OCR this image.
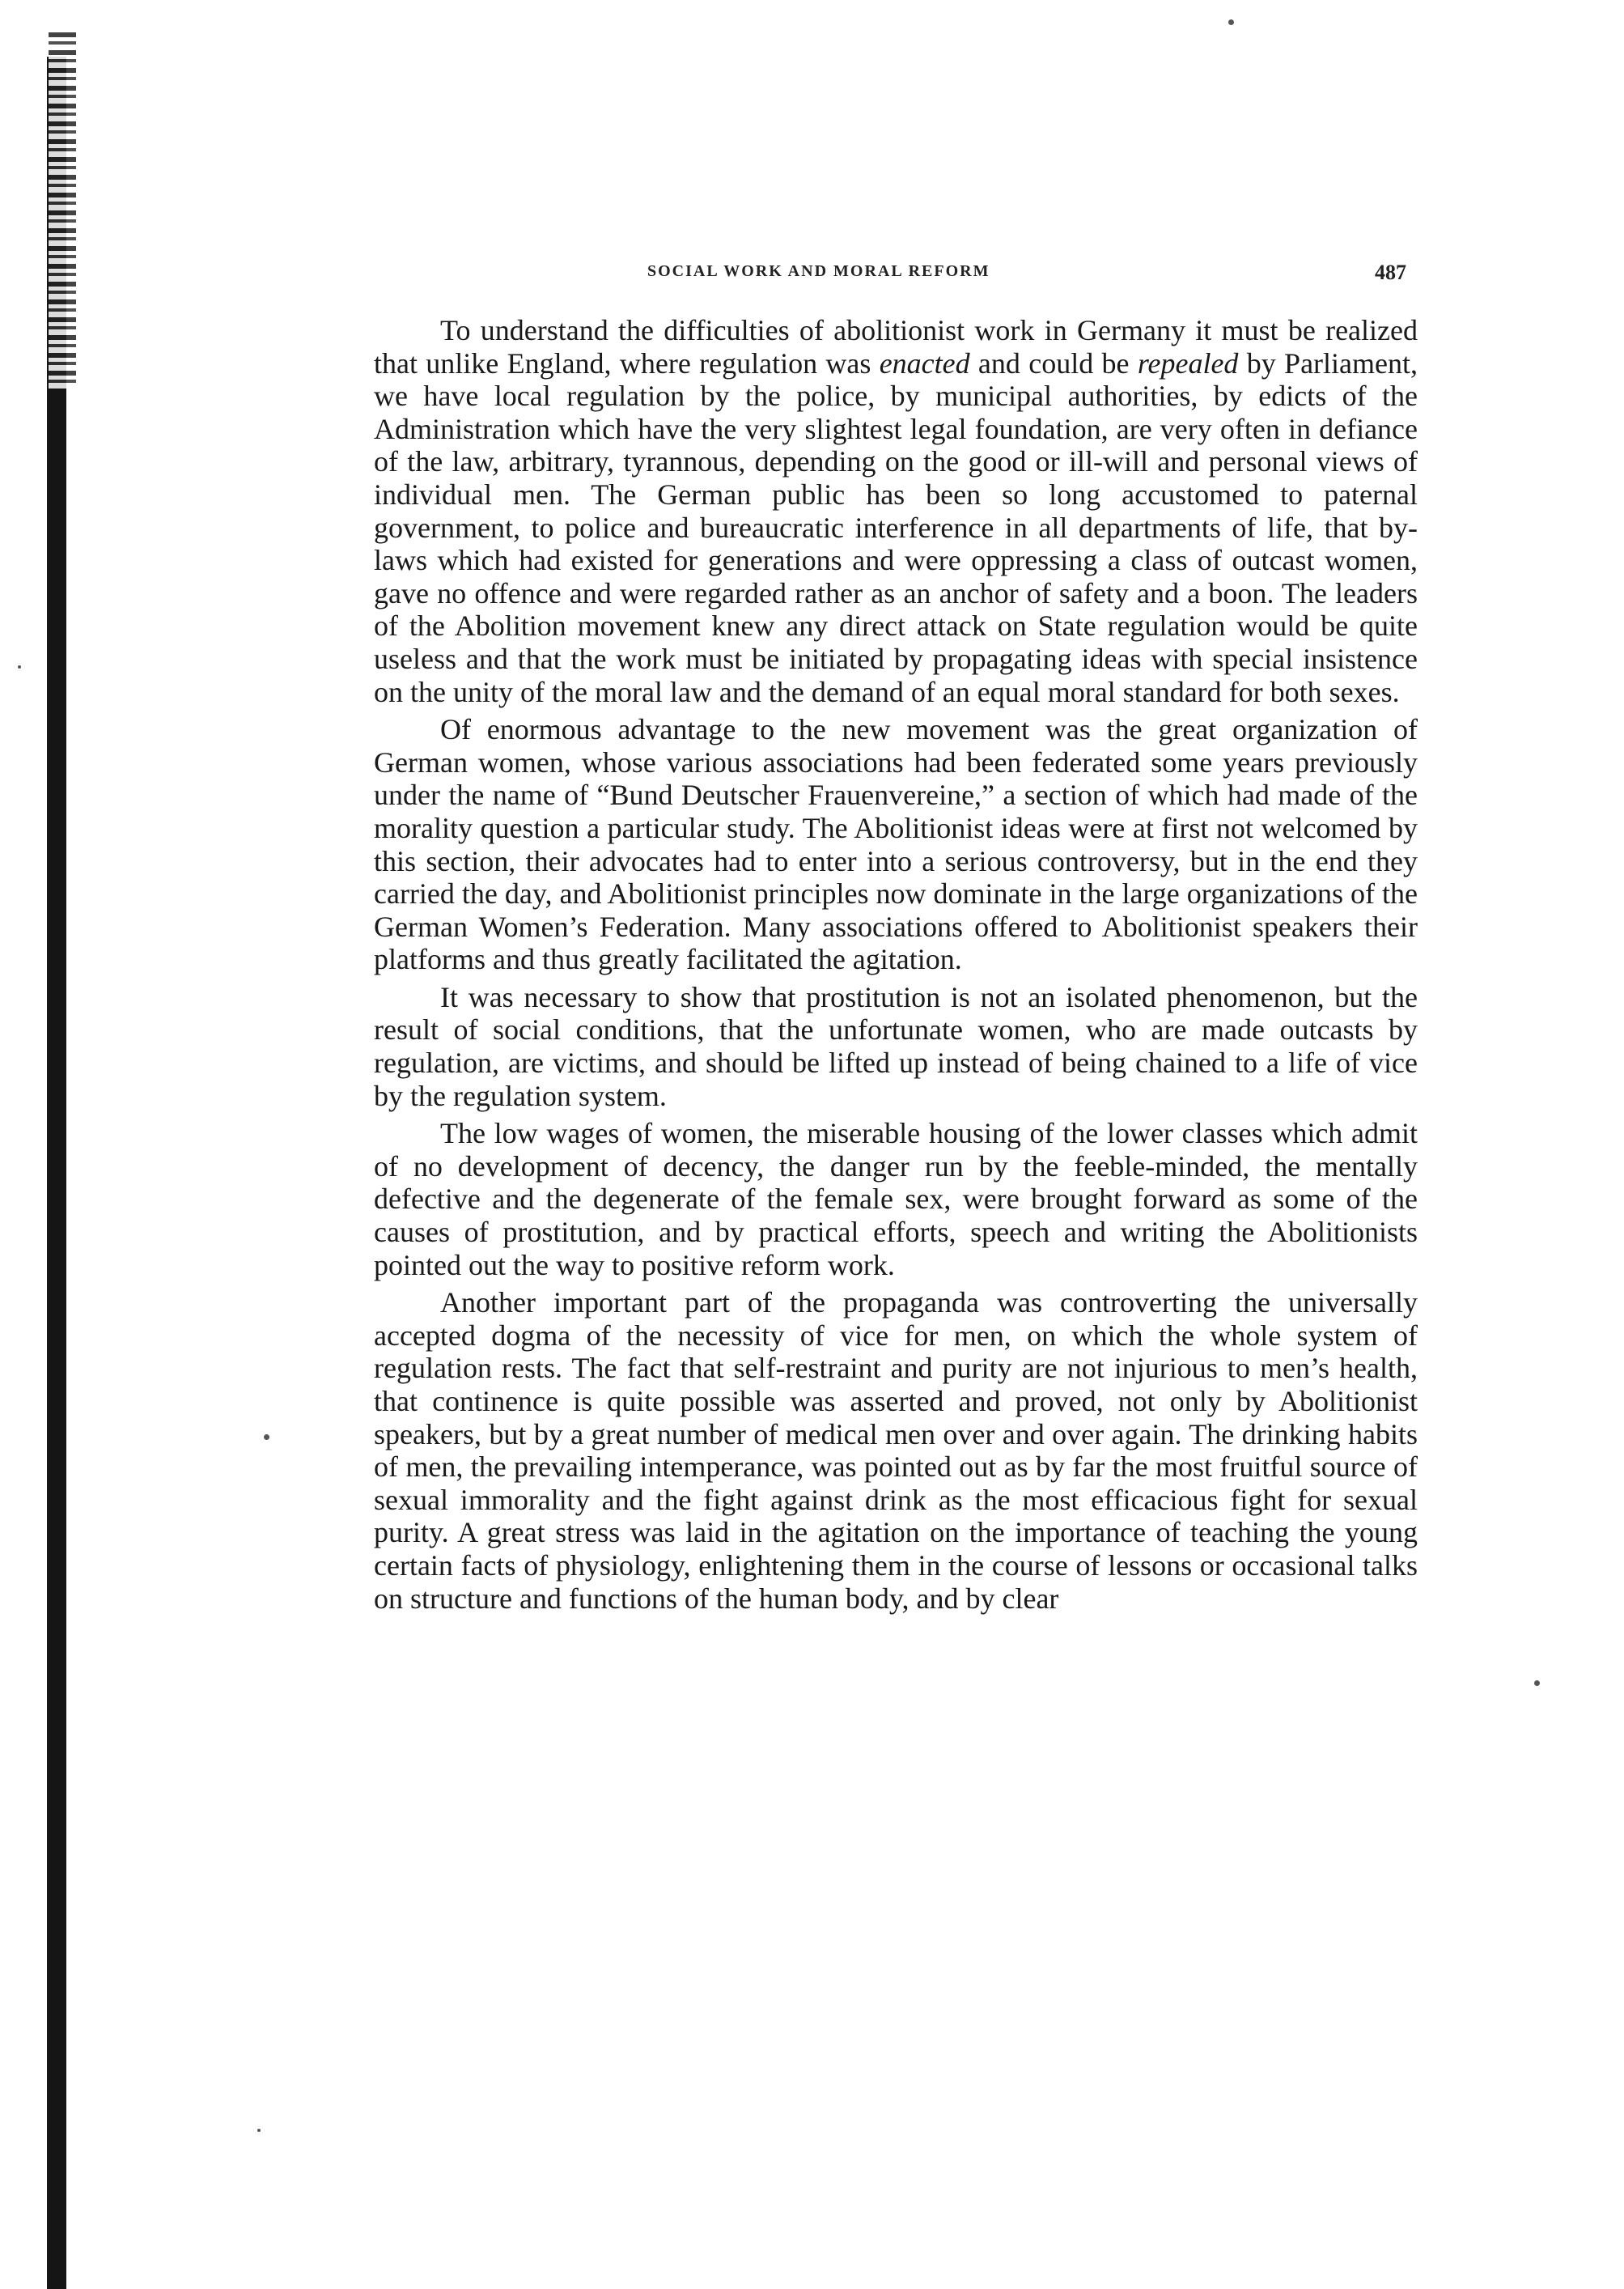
SOCIAL WORK AND MORAL REFORM	487

To understand the difficulties of abolitionist work in Germany it must be realized that unlike England, where regulation was enacted and could be repealed by Parliament, we have local regulation by the police, by municipal authorities, by edicts of the Administration which have the very slightest legal foundation, are very often in defiance of the law, arbitrary, tyrannous, depending on the good or ill-will and personal views of individual men. The German public has been so long accustomed to paternal government, to police and bureaucratic interference in all departments of life, that by-laws which had existed for generations and were oppressing a class of outcast women, gave no offence and were regarded rather as an anchor of safety and a boon. The leaders of the Abolition movement knew any direct attack on State regulation would be quite useless and that the work must be initiated by propagating ideas with special insistence on the unity of the moral law and the demand of an equal moral standard for both sexes.

Of enormous advantage to the new movement was the great organization of German women, whose various associations had been federated some years previously under the name of “Bund Deutscher Frauenvereine,” a section of which had made of the morality question a particular study. The Abolitionist ideas were at first not welcomed by this section, their advocates had to enter into a serious controversy, but in the end they carried the day, and Abolitionist principles now dominate in the large organizations of the German Women’s Federation. Many associations offered to Abolitionist speakers their platforms and thus greatly facilitated the agitation.

It was necessary to show that prostitution is not an isolated phenomenon, but the result of social conditions, that the unfortunate women, who are made outcasts by regulation, are victims, and should be lifted up instead of being chained to a life of vice by the regulation system.

The low wages of women, the miserable housing of the lower classes which admit of no development of decency, the danger run by the feeble-minded, the mentally defective and the degenerate of the female sex, were brought forward as some of the causes of prostitution, and by practical efforts, speech and writing the Abolitionists pointed out the way to positive reform work.

Another important part of the propaganda was controverting the universally accepted dogma of the necessity of vice for men, on which the whole system of regulation rests. The fact that self-restraint and purity are not injurious to men’s health, that continence is quite possible was asserted and proved, not only by Abolitionist speakers, but by a great number of medical men over and over again. The drinking habits of men, the prevailing intemperance, was pointed out as by far the most fruitful source of sexual immorality and the fight against drink as the most efficacious fight for sexual purity. A great stress was laid in the agitation on the importance of teaching the young certain facts of physiology, enlightening them in the course of lessons or occasional talks on structure and functions of the human body, and by clear
